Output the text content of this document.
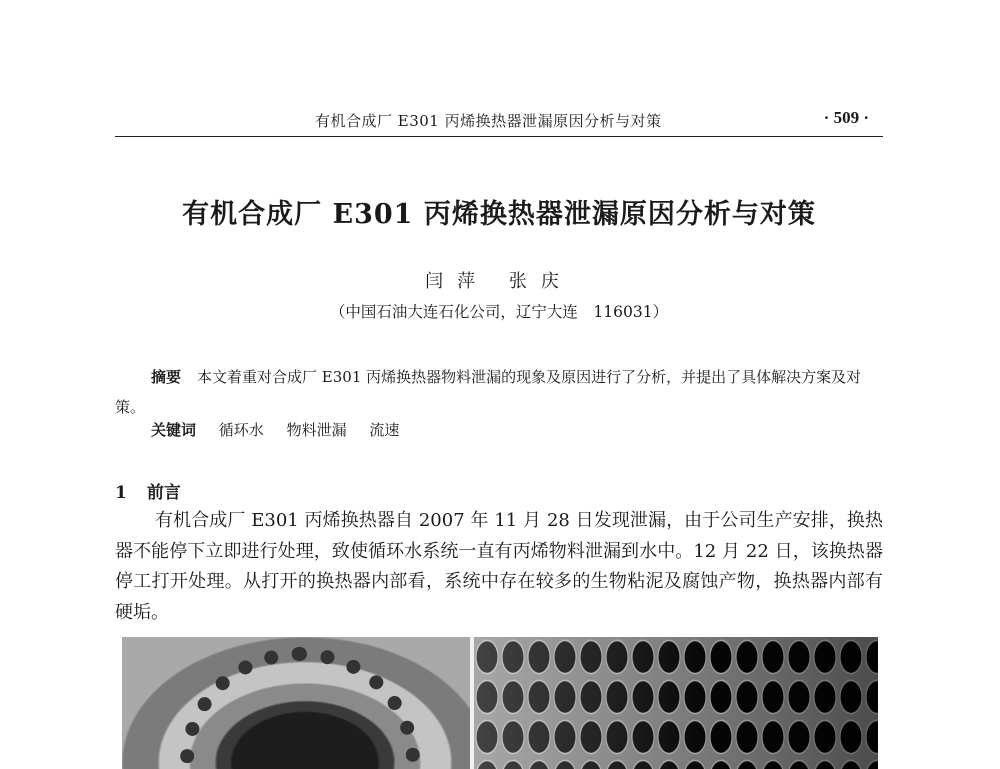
有机合成厂 E301 丙烯换热器泄漏原因分析与对策	· 509 ·
有机合成厂 E301 丙烯换热器泄漏原因分析与对策
闫萍 张庆
（中国石油大连石化公司，辽宁大连　116031）

摘要 本文着重对合成厂 E301 丙烯换热器物料泄漏的现象及原因进行了分析，并提出了具体解决方案及对策。

关键词 循环水 物料泄漏 流速
1 前言

有机合成厂 E301 丙烯换热器自 2007 年 11 月 28 日发现泄漏，由于公司生产安排，换热器不能停下立即进行处理，致使循环水系统一直有丙烯物料泄漏到水中。12 月 22 日，该换热器停工打开处理。从打开的换热器内部看，系统中存在较多的生物粘泥及腐蚀产物，换热器内部有硬垢。
